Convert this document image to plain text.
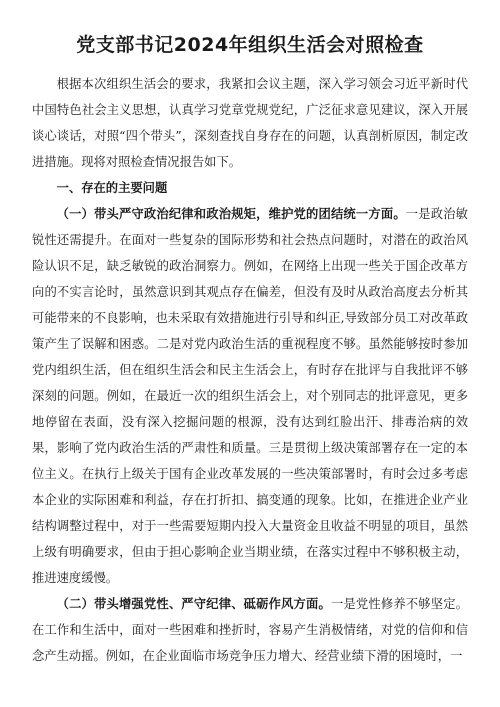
党支部书记2024年组织生活会对照检查

根据本次组织生活会的要求，我紧扣会议主题，深入学习领会习近平新时代中国特色社会主义思想，认真学习党章党规党纪，广泛征求意见建议，深入开展谈心谈话，对照“四个带头”，深刻查找自身存在的问题，认真剖析原因，制定改进措施。现将对照检查情况报告如下。

一、存在的主要问题

（一）带头严守政治纪律和政治规矩，维护党的团结统一方面。一是政治敏锐性还需提升。在面对一些复杂的国际形势和社会热点问题时，对潜在的政治风险认识不足，缺乏敏锐的政治洞察力。例如，在网络上出现一些关于国企改革方向的不实言论时，虽然意识到其观点存在偏差，但没有及时从政治高度去分析其可能带来的不良影响，也未采取有效措施进行引导和纠正,导致部分员工对改革政策产生了误解和困惑。二是对党内政治生活的重视程度不够。虽然能够按时参加党内组织生活，但在组织生活会和民主生活会上，有时存在批评与自我批评不够深刻的问题。例如，在最近一次的组织生活会上，对个别同志的批评意见，更多地停留在表面，没有深入挖掘问题的根源，没有达到红脸出汗、排毒治病的效果，影响了党内政治生活的严肃性和质量。三是贯彻上级决策部署存在一定的本位主义。在执行上级关于国有企业改革发展的一些决策部署时，有时会过多考虑本企业的实际困难和利益，存在打折扣、搞变通的现象。比如，在推进企业产业结构调整过程中，对于一些需要短期内投入大量资金且收益不明显的项目，虽然上级有明确要求，但由于担心影响企业当期业绩，在落实过程中不够积极主动，推进速度缓慢。

（二）带头增强党性、严守纪律、砥砺作风方面。一是党性修养不够坚定。在工作和生活中，面对一些困难和挫折时，容易产生消极情绪，对党的信仰和信念产生动摇。例如，在企业面临市场竞争压力增大、经营业绩下滑的困境时，一
